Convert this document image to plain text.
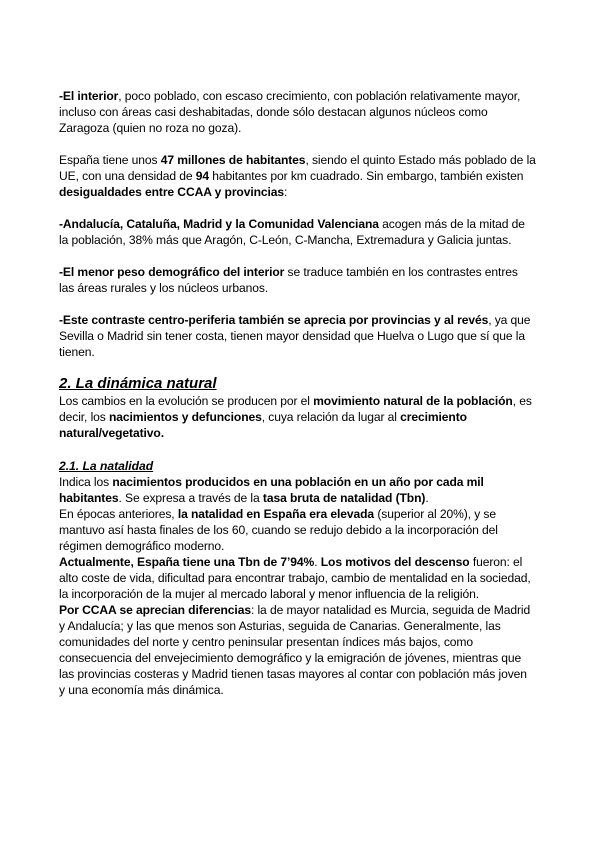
-El interior, poco poblado, con escaso crecimiento, con población relativamente mayor,
incluso con áreas casi deshabitadas, donde sólo destacan algunos núcleos como
Zaragoza (quien no roza no goza).

España tiene unos 47 millones de habitantes, siendo el quinto Estado más poblado de la
UE, con una densidad de 94 habitantes por km cuadrado. Sin embargo, también existen
desigualdades entre CCAA y provincias:

-Andalucía, Cataluña, Madrid y la Comunidad Valenciana acogen más de la mitad de
la población, 38% más que Aragón, C-León, C-Mancha, Extremadura y Galicia juntas.

-El menor peso demográfico del interior se traduce también en los contrastes entres
las áreas rurales y los núcleos urbanos.

-Este contraste centro-periferia también se aprecia por provincias y al revés, ya que
Sevilla o Madrid sin tener costa, tienen mayor densidad que Huelva o Lugo que sí que la
tienen.

2. La dinámica natural

Los cambios en la evolución se producen por el movimiento natural de la población, es
decir, los nacimientos y defunciones, cuya relación da lugar al crecimiento
natural/vegetativo.

2.1. La natalidad

Indica los nacimientos producidos en una población en un año por cada mil
habitantes. Se expresa a través de la tasa bruta de natalidad (Tbn).
En épocas anteriores, la natalidad en España era elevada (superior al 20%), y se
mantuvo así hasta finales de los 60, cuando se redujo debido a la incorporación del
régimen demográfico moderno.
Actualmente, España tiene una Tbn de 7’94%. Los motivos del descenso fueron: el
alto coste de vida, dificultad para encontrar trabajo, cambio de mentalidad en la sociedad,
la incorporación de la mujer al mercado laboral y menor influencia de la religión.
Por CCAA se aprecian diferencias: la de mayor natalidad es Murcia, seguida de Madrid
y Andalucía; y las que menos son Asturias, seguida de Canarias. Generalmente, las
comunidades del norte y centro peninsular presentan índices más bajos, como
consecuencia del envejecimiento demográfico y la emigración de jóvenes, mientras que
las provincias costeras y Madrid tienen tasas mayores al contar con población más joven
y una economía más dinámica.
